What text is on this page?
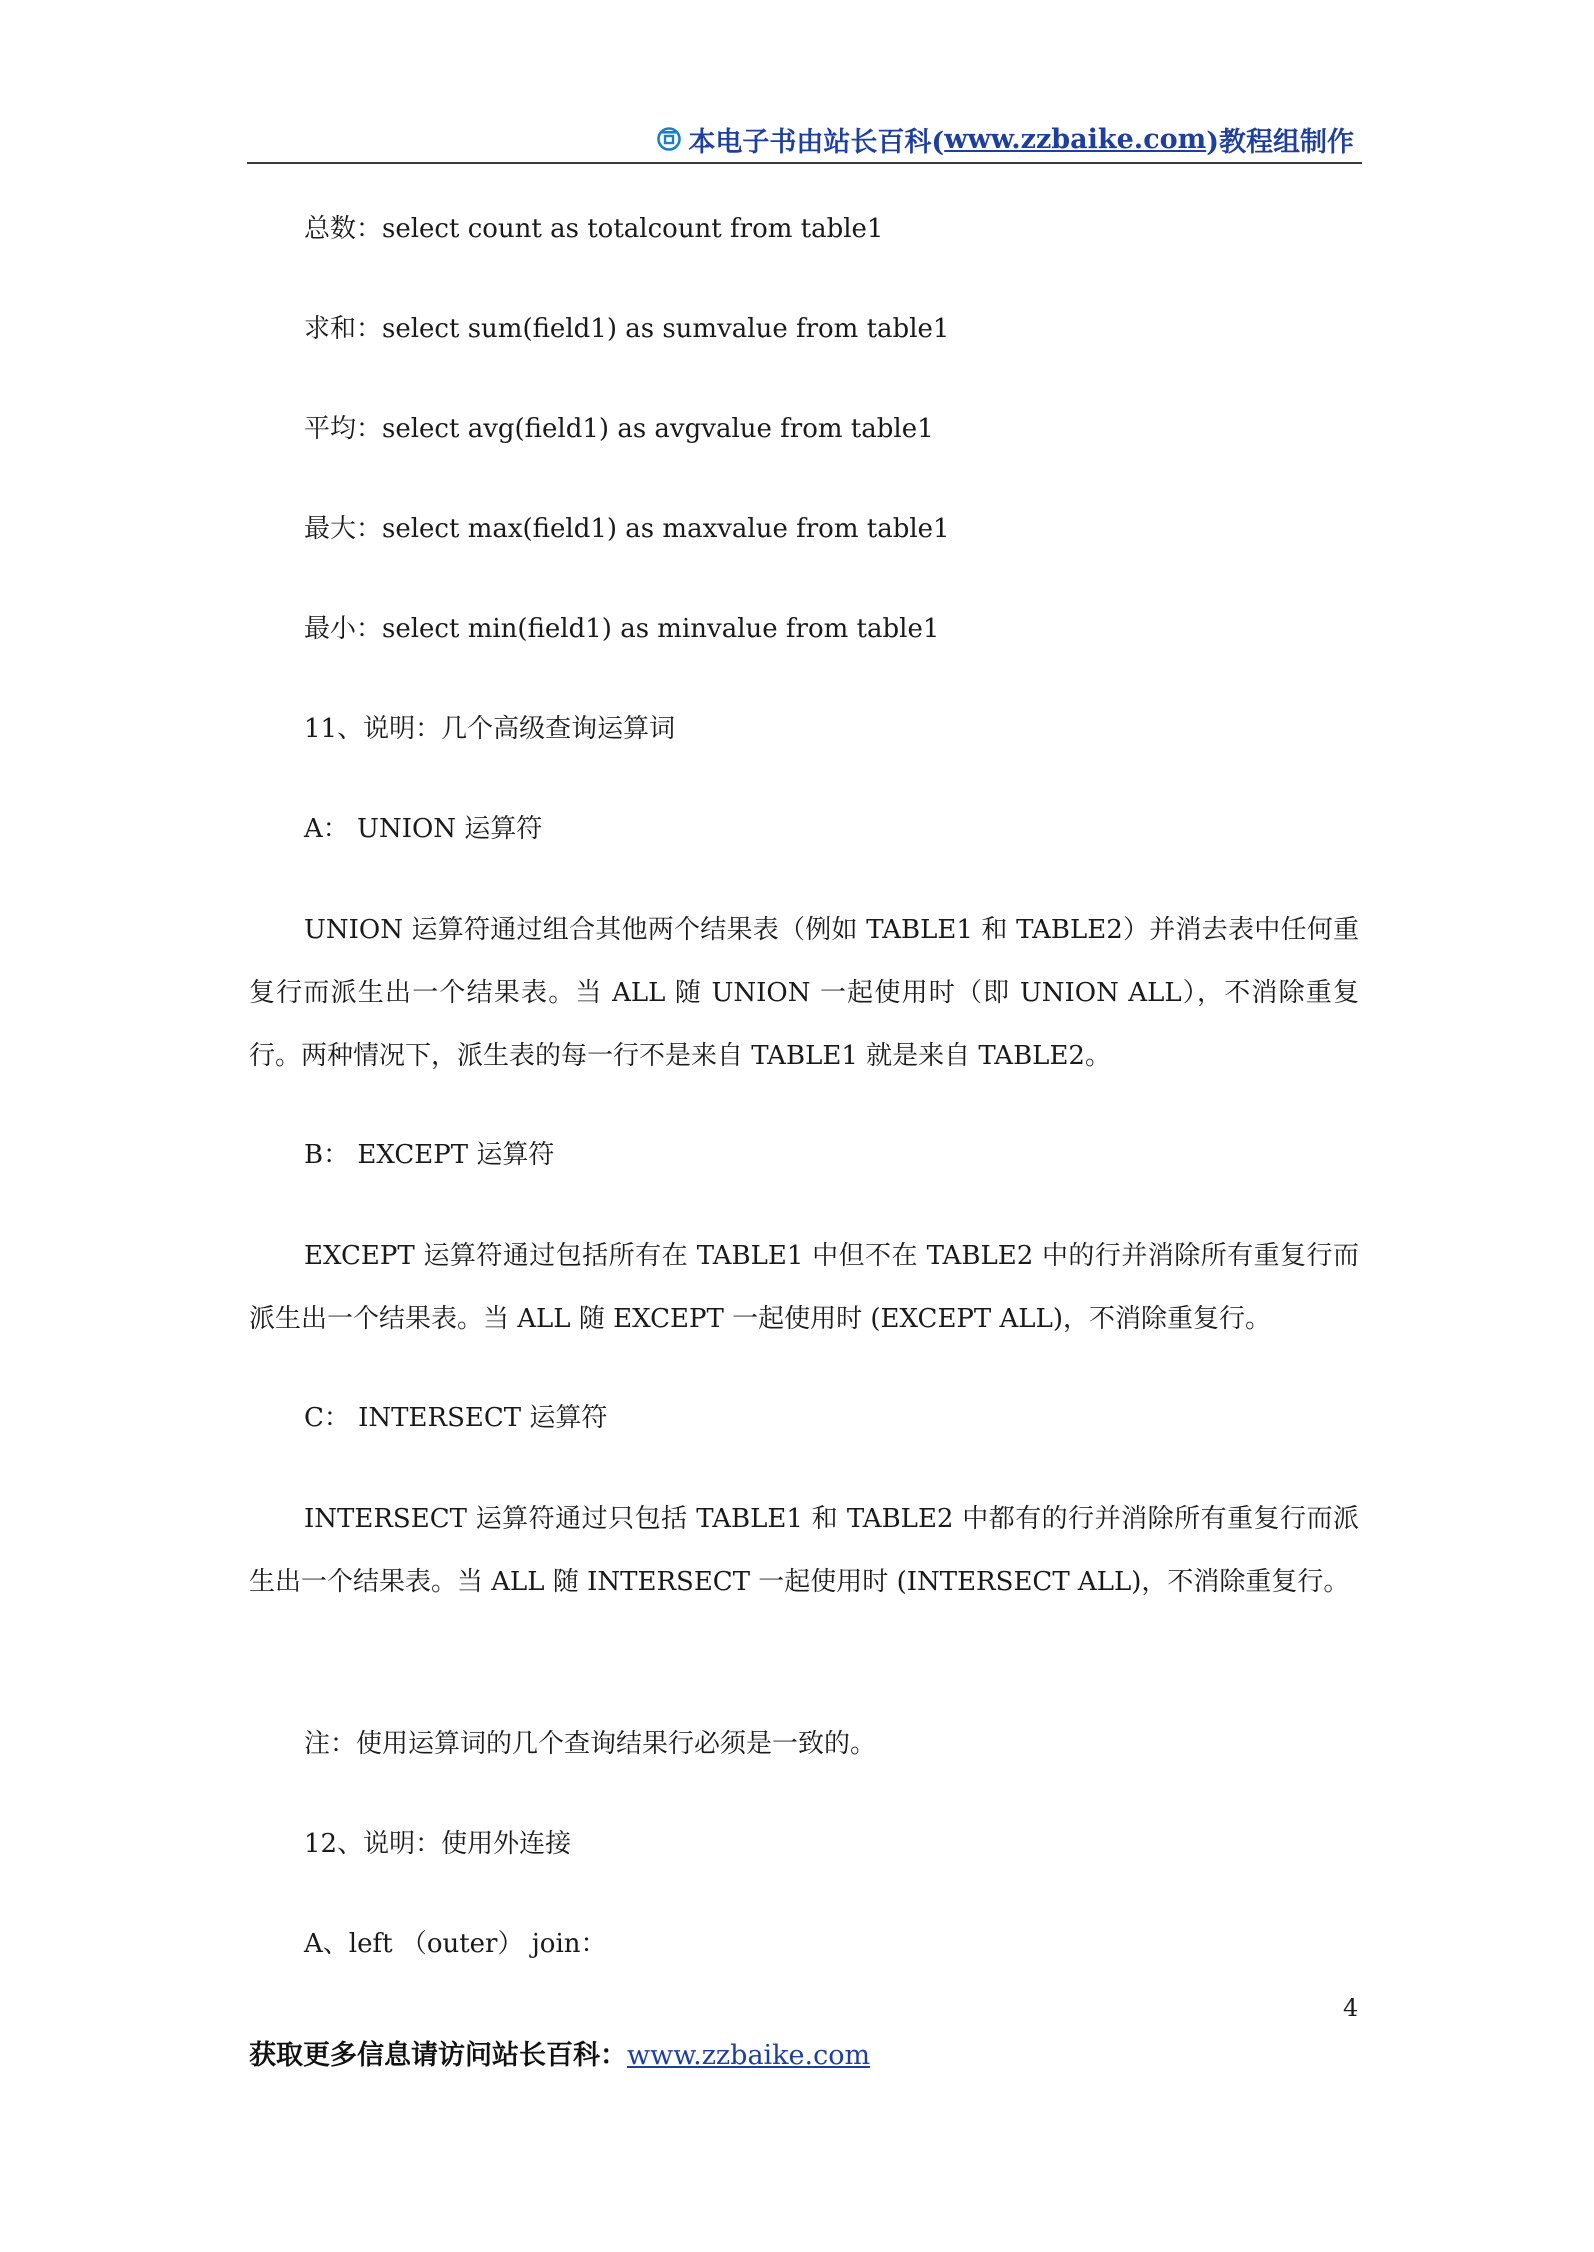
本电子书由站长百科( www.zzbaike.com )教程组制作
总数：select count as totalcount from table1
求和：select sum(field1) as sumvalue from table1
平均：select avg(field1) as avgvalue from table1
最大：select max(field1) as maxvalue from table1
最小：select min(field1) as minvalue from table1
11、说明：几个高级查询运算词
A： UNION 运算符
UNION 运算符通过组合其他两个结果表（例如 TABLE1 和 TABLE2）并消去表中任何重复行而派生出一个结果表。当 ALL 随 UNION 一起使用时（即 UNION ALL），不消除重复行。两种情况下，派生表的每一行不是来自 TABLE1 就是来自 TABLE2。
B： EXCEPT 运算符
EXCEPT 运算符通过包括所有在 TABLE1 中但不在 TABLE2 中的行并消除所有重复行而派生出一个结果表。当 ALL 随 EXCEPT 一起使用时 (EXCEPT ALL)，不消除重复行。
C： INTERSECT 运算符
INTERSECT 运算符通过只包括 TABLE1 和 TABLE2 中都有的行并消除所有重复行而派生出一个结果表。当 ALL 随 INTERSECT 一起使用时 (INTERSECT ALL)，不消除重复行。
注：使用运算词的几个查询结果行必须是一致的。
12、说明：使用外连接
A、left （outer） join：
4
获取更多信息请访问站长百科：www.zzbaike.com
